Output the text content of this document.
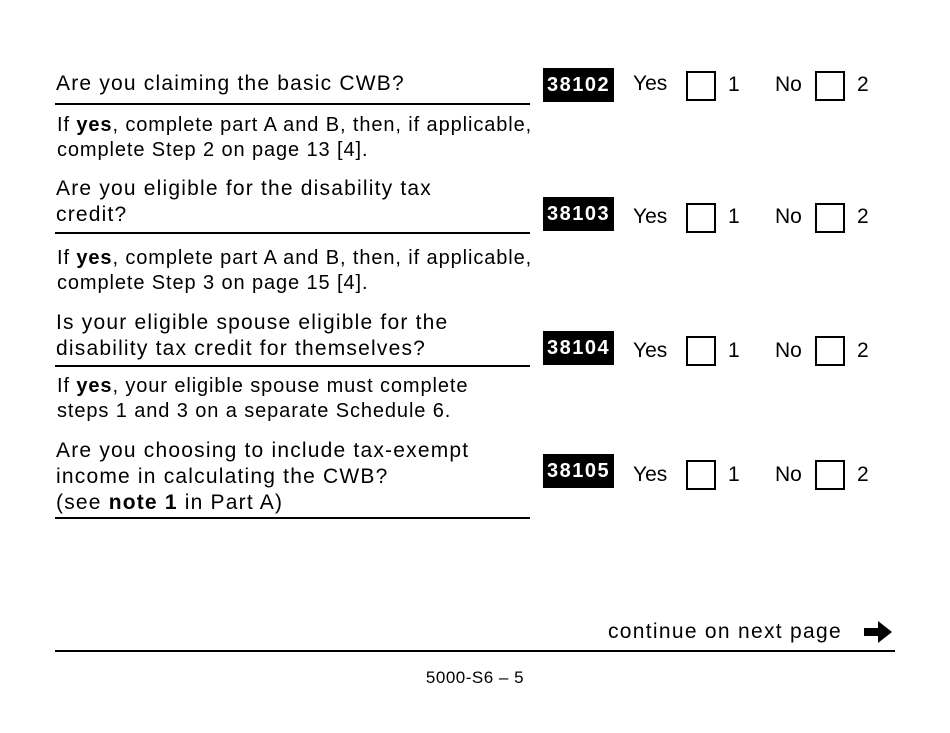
Are you claiming the basic CWB?	38102 Yes	1 No	2
If yes, complete part A and B, then, if applicable,
complete Step 2 on page 13 [4].
Are you eligible for the disability tax
credit?	38103 Yes	1 No	2
If yes, complete part A and B, then, if applicable,
complete Step 3 on page 15 [4].
Is your eligible spouse eligible for the
disability tax credit for themselves?	38104 Yes	1 No	2
If yes, your eligible spouse must complete
steps 1 and 3 on a separate Schedule 6.
Are you choosing to include tax-exempt
income in calculating the CWB?
(see note 1 in Part A)
38105 Yes	1 No	2
continue on next page
5000-S6 – 5
